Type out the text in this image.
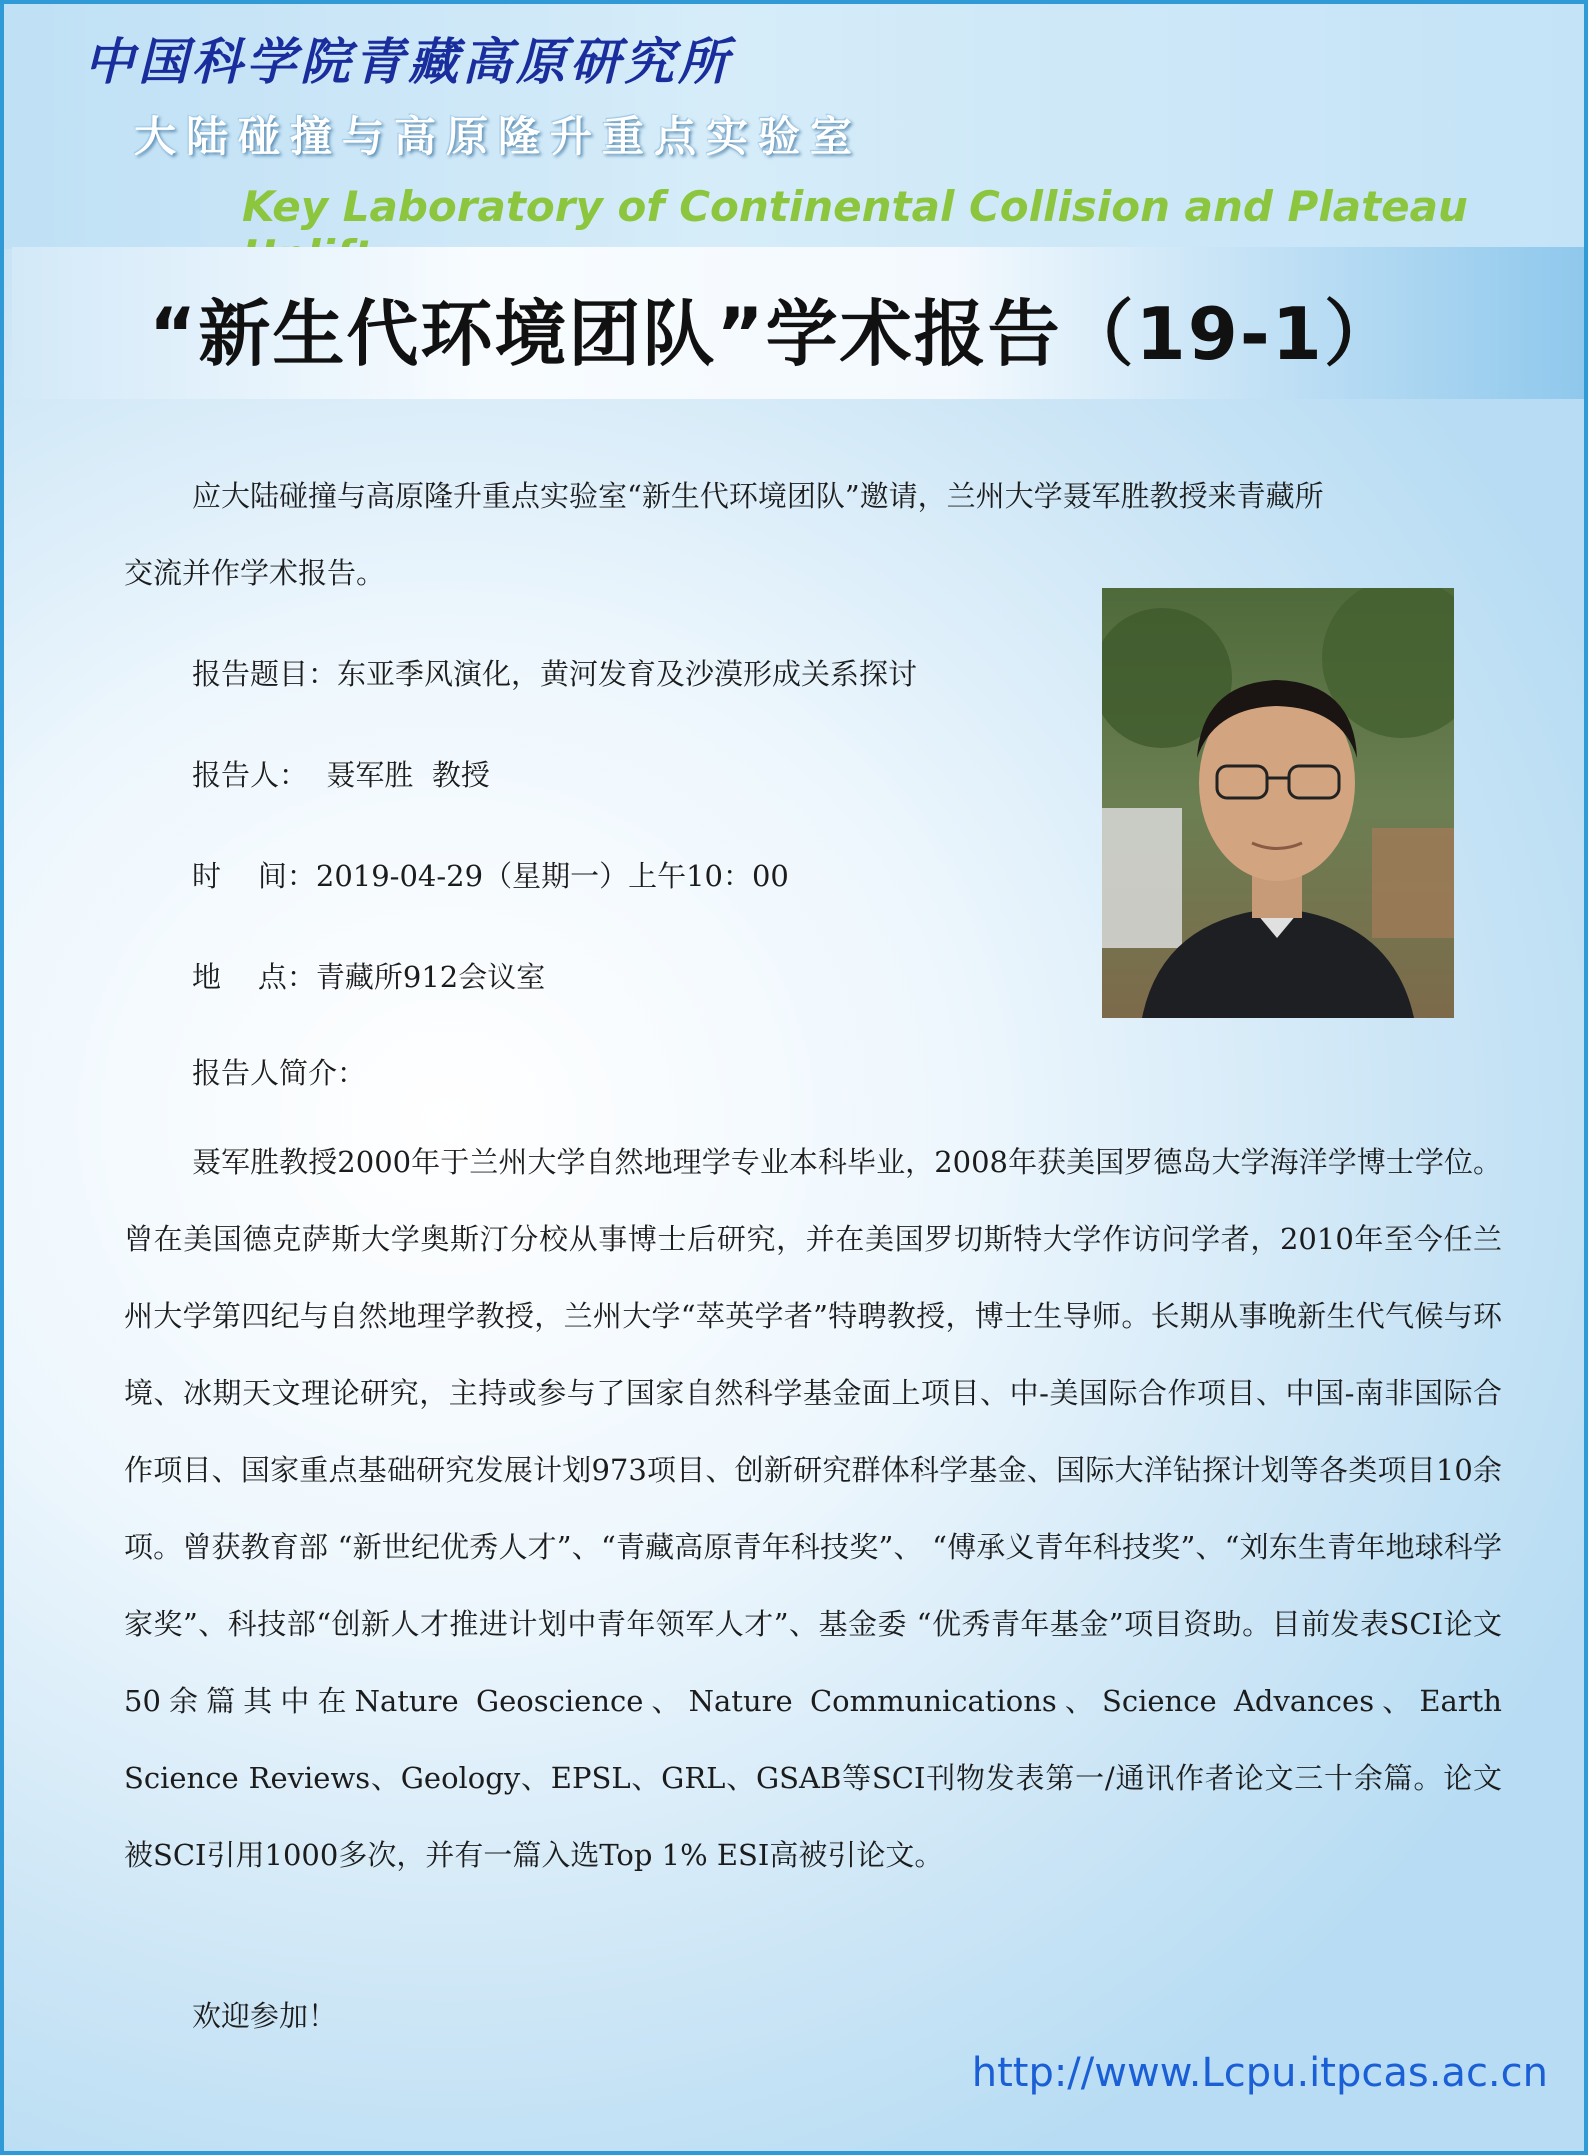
中国科学院青藏高原研究所
大陆碰撞与高原隆升重点实验室
Key Laboratory of Continental Collision and Plateau
“新生代环境团队”学术报告（19-1）
应大陆碰撞与高原隆升重点实验室“新生代环境团队”邀请，兰州大学聂军胜教授来青藏所
交流并作学术报告。
报告题目：东亚季风演化，黄河发育及沙漠形成关系探讨
报告人：  聂军胜  教授
时    间：2019-04-29（星期一）上午10：00
地    点：青藏所912会议室
报告人简介：

聂军胜教授2000年于兰州大学自然地理学专业本科毕业，2008年获美国罗德岛大学海洋学博士学位。曾在美国德克萨斯大学奥斯汀分校从事博士后研究，并在美国罗切斯特大学作访问学者，2010年至今任兰州大学第四纪与自然地理学教授，兰州大学“萃英学者”特聘教授，博士生导师。长期从事晚新生代气候与环境、冰期天文理论研究，主持或参与了国家自然科学基金面上项目、中-美国际合作项目、中国-南非国际合作项目、国家重点基础研究发展计划973项目、创新研究群体科学基金、国际大洋钻探计划等各类项目10余项。曾获教育部 “新世纪优秀人才”、“青藏高原青年科技奖”、 “傅承义青年科技奖”、“刘东生青年地球科学家奖”、科技部“创新人才推进计划中青年领军人才”、基金委 “优秀青年基金”项目资助。目前发表SCI论文50余篇其中在Nature Geoscience、Nature Communications、Science Advances、Earth Science Reviews、Geology、EPSL、GRL、GSAB等SCI刊物发表第一/通讯作者论文三十余篇。论文被SCI引用1000多次，并有一篇入选Top 1% ESI高被引论文。

欢迎参加！

http://www.Lcpu.itpcas.ac.cn
